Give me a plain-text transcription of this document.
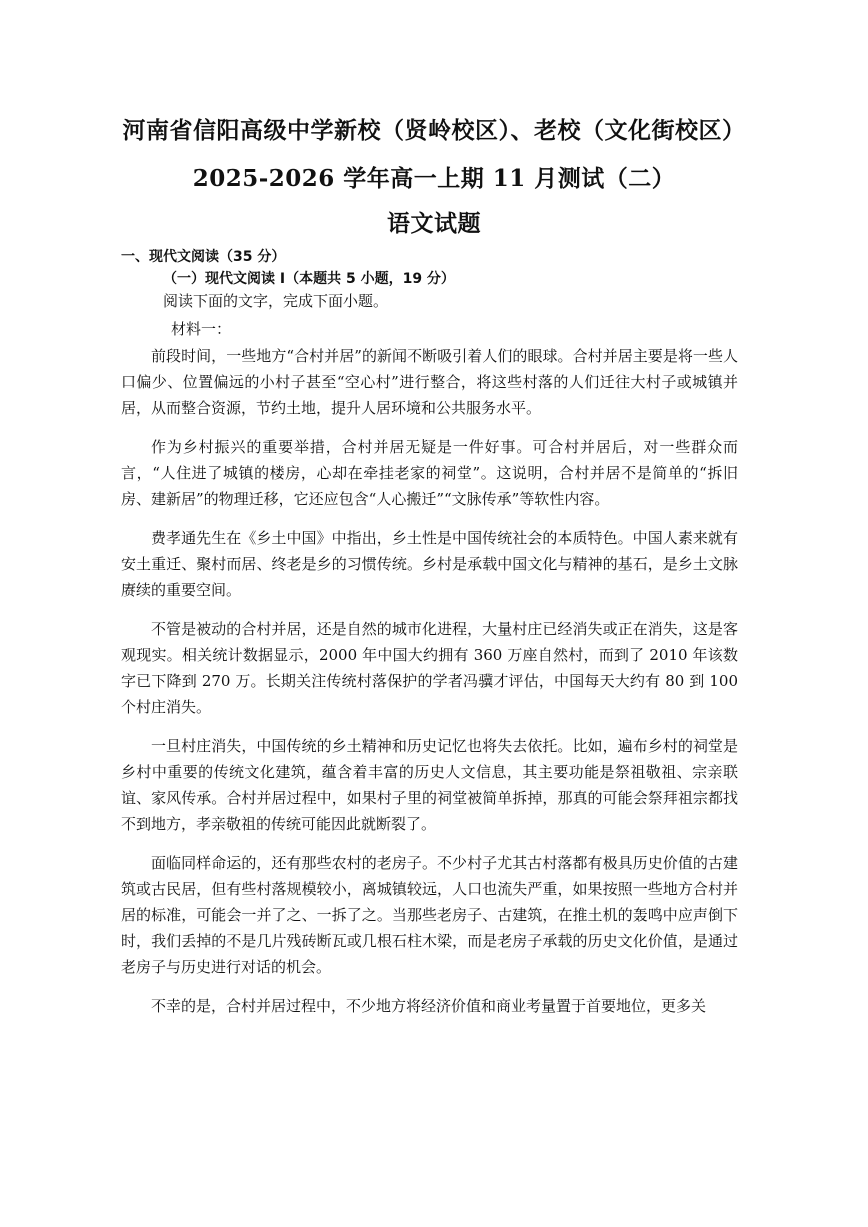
河南省信阳高级中学新校（贤岭校区）、老校（文化街校区）
2025-2026 学年高一上期 11 月测试（二）
语文试题
一、现代文阅读（35 分）
（一）现代文阅读 I（本题共 5 小题，19 分）
阅读下面的文字，完成下面小题。
材料一：

前段时间，一些地方“合村并居”的新闻不断吸引着人们的眼球。合村并居主要是将一些人口偏少、位置偏远的小村子甚至“空心村”进行整合，将这些村落的人们迁往大村子或城镇并居，从而整合资源，节约土地，提升人居环境和公共服务水平。

作为乡村振兴的重要举措，合村并居无疑是一件好事。可合村并居后，对一些群众而言，“人住进了城镇的楼房，心却在牵挂老家的祠堂”。这说明，合村并居不是简单的“拆旧房、建新居”的物理迁移，它还应包含“人心搬迁”“文脉传承”等软性内容。

费孝通先生在《乡土中国》中指出，乡土性是中国传统社会的本质特色。中国人素来就有安土重迁、聚村而居、终老是乡的习惯传统。乡村是承载中国文化与精神的基石，是乡土文脉赓续的重要空间。

不管是被动的合村并居，还是自然的城市化进程，大量村庄已经消失或正在消失，这是客观现实。相关统计数据显示，2000 年中国大约拥有 360 万座自然村，而到了 2010 年该数字已下降到 270 万。长期关注传统村落保护的学者冯骥才评估，中国每天大约有 80 到 100 个村庄消失。

一旦村庄消失，中国传统的乡土精神和历史记忆也将失去依托。比如，遍布乡村的祠堂是乡村中重要的传统文化建筑，蕴含着丰富的历史人文信息，其主要功能是祭祖敬祖、宗亲联谊、家风传承。合村并居过程中，如果村子里的祠堂被简单拆掉，那真的可能会祭拜祖宗都找不到地方，孝亲敬祖的传统可能因此就断裂了。

面临同样命运的，还有那些农村的老房子。不少村子尤其古村落都有极具历史价值的古建筑或古民居，但有些村落规模较小，离城镇较远，人口也流失严重，如果按照一些地方合村并居的标准，可能会一并了之、一拆了之。当那些老房子、古建筑，在推土机的轰鸣中应声倒下时，我们丢掉的不是几片残砖断瓦或几根石柱木梁，而是老房子承载的历史文化价值，是通过老房子与历史进行对话的机会。

不幸的是，合村并居过程中，不少地方将经济价值和商业考量置于首要地位，更多关
